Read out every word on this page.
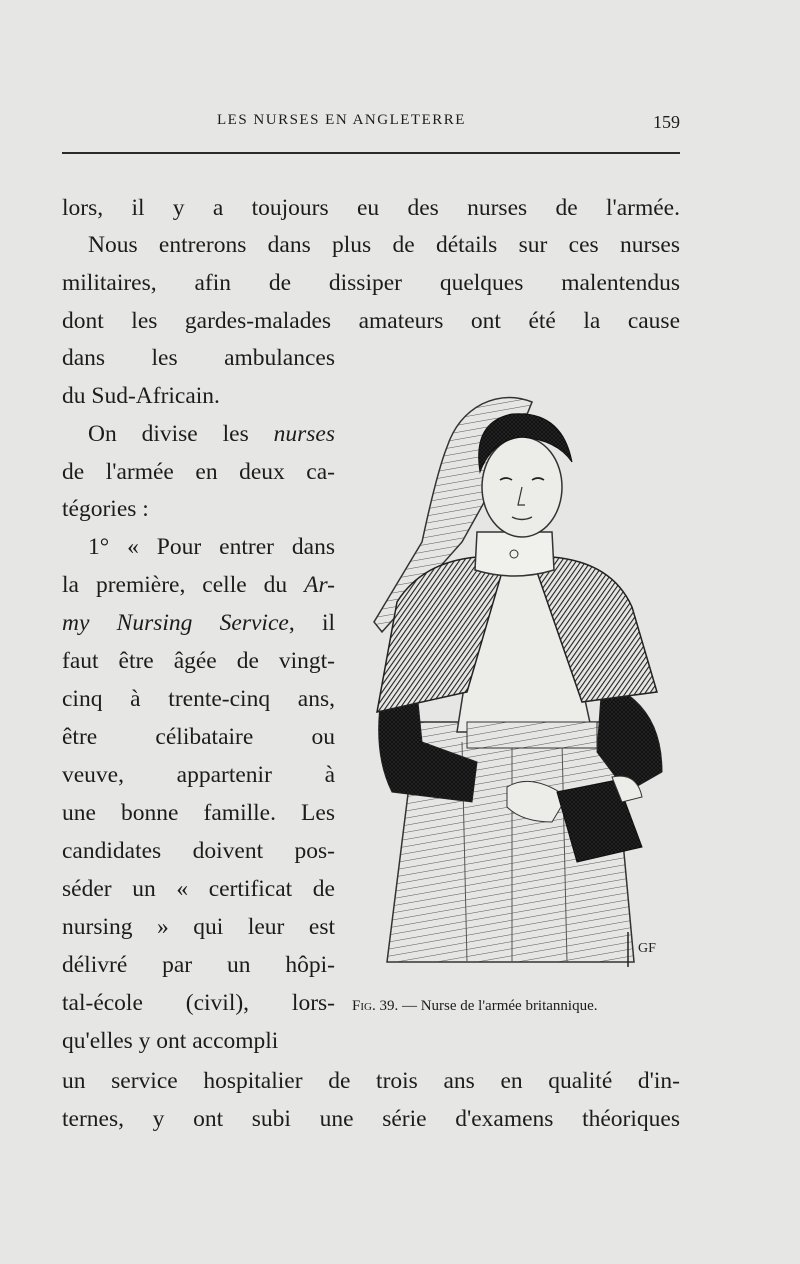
LES NURSES EN ANGLETERRE	159
lors, il y a toujours eu des nurses de l'armée.
Nous entrerons dans plus de détails sur ces nurses
militaires, afin de dissiper quelques malentendus
dont les gardes-malades amateurs ont été la cause
dans les ambulances
du Sud-Africain.
On divise les nurses
de l'armée en deux ca-
tégories :
1° « Pour entrer dans
la première, celle du Ar-
my Nursing Service, il
faut être âgée de vingt-
cinq à trente-cinq ans,
être célibataire ou
veuve, appartenir à
une bonne famille. Les
candidates doivent pos-
séder un « certificat de
nursing » qui leur est
délivré par un hôpi-
tal-école (civil), lors-
qu'elles y ont accompli
un service hospitalier de trois ans en qualité d'in-
ternes, y ont subi une série d'examens théoriques
GF
Fig. 39. — Nurse de l'armée britannique.
